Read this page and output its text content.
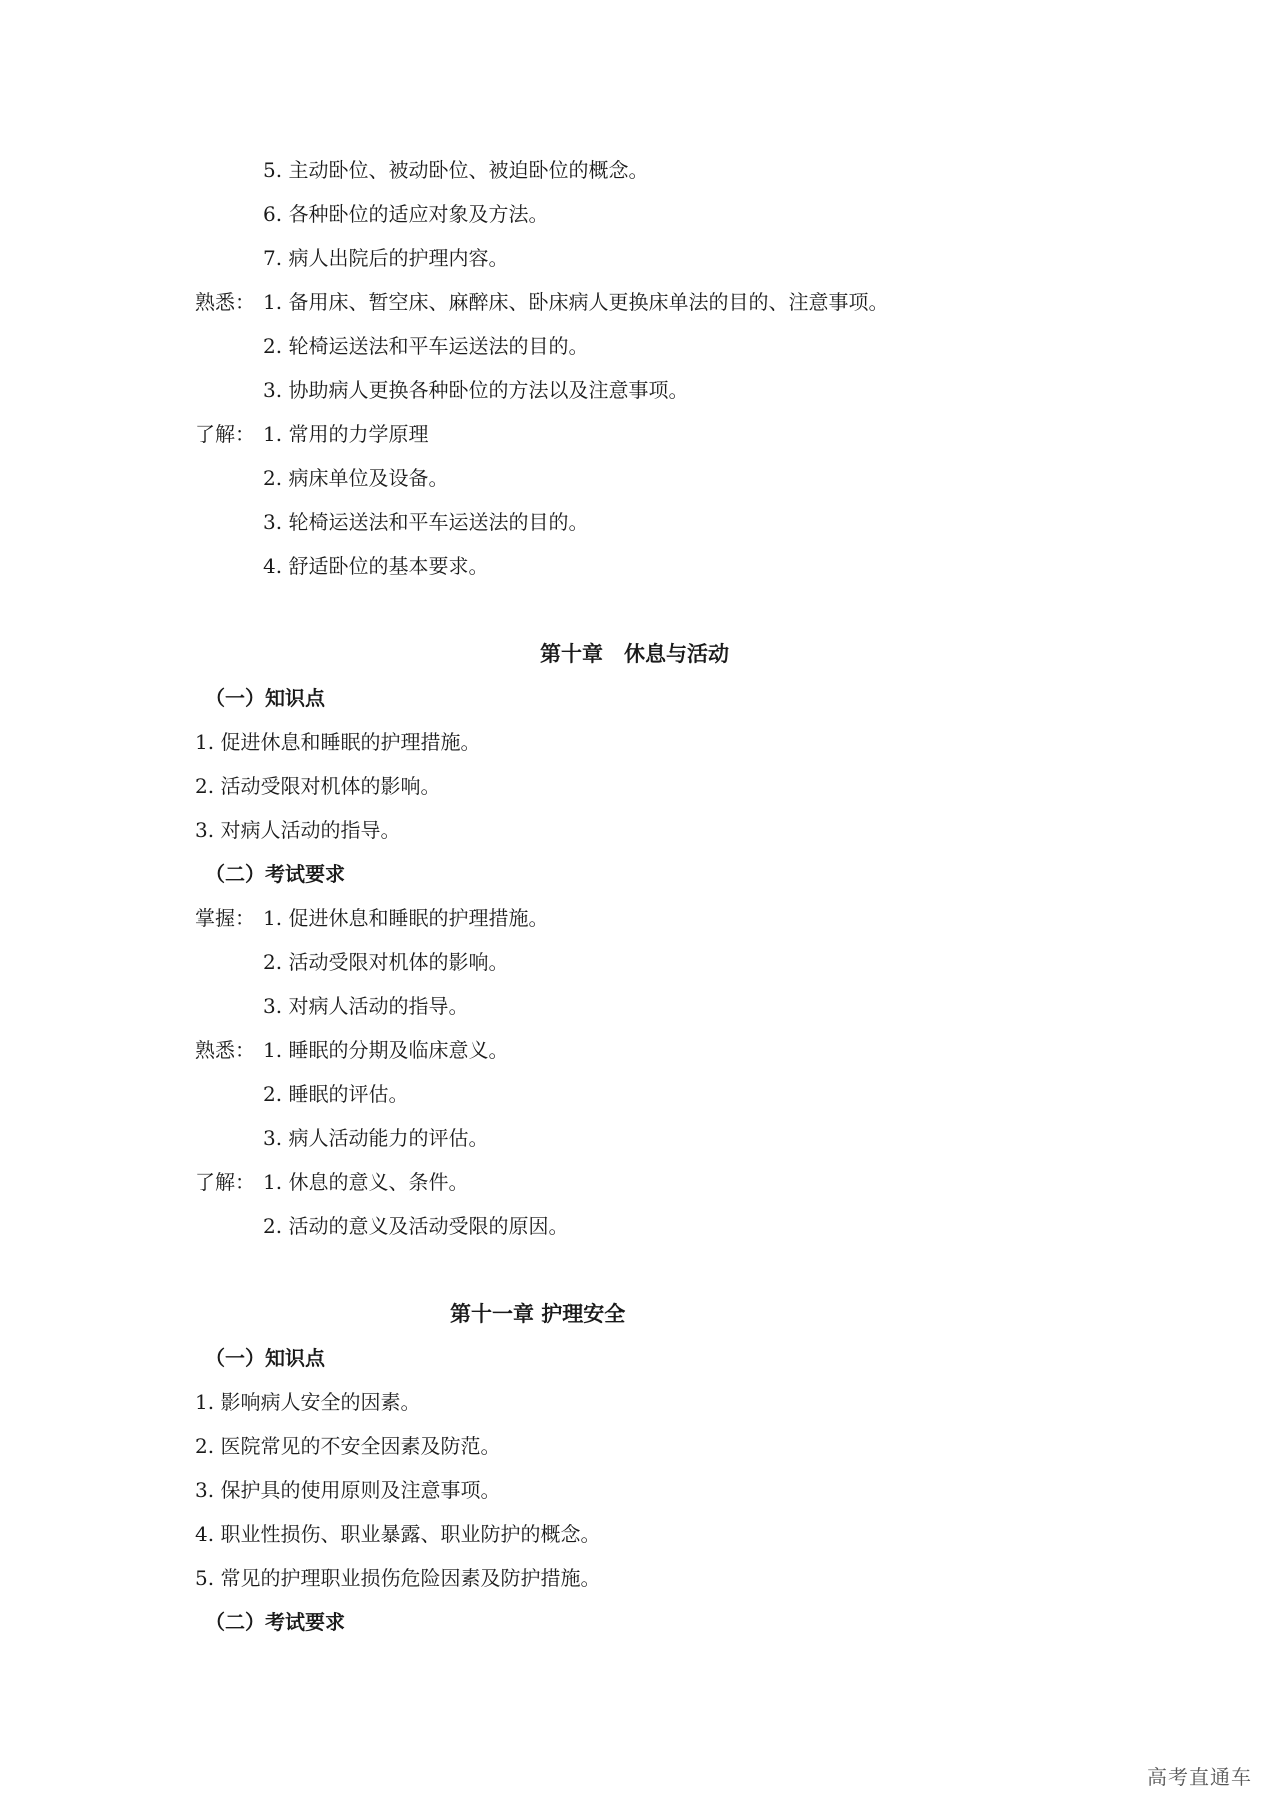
5. 主动卧位、被动卧位、被迫卧位的概念。
6. 各种卧位的适应对象及方法。
7. 病人出院后的护理内容。
熟悉： 1. 备用床、暂空床、麻醉床、卧床病人更换床单法的目的、注意事项。
2. 轮椅运送法和平车运送法的目的。
3. 协助病人更换各种卧位的方法以及注意事项。
了解： 1. 常用的力学原理
2. 病床单位及设备。
3. 轮椅运送法和平车运送法的目的。
4. 舒适卧位的基本要求。
第十章　休息与活动
（一）知识点
1. 促进休息和睡眠的护理措施。
2. 活动受限对机体的影响。
3. 对病人活动的指导。
（二）考试要求
掌握： 1. 促进休息和睡眠的护理措施。
2. 活动受限对机体的影响。
3. 对病人活动的指导。
熟悉： 1. 睡眠的分期及临床意义。
2. 睡眠的评估。
3. 病人活动能力的评估。
了解： 1. 休息的意义、条件。
2. 活动的意义及活动受限的原因。
第十一章 护理安全
（一）知识点
1. 影响病人安全的因素。
2. 医院常见的不安全因素及防范。
3. 保护具的使用原则及注意事项。
4. 职业性损伤、职业暴露、职业防护的概念。
5. 常见的护理职业损伤危险因素及防护措施。
（二）考试要求
高考直通车
